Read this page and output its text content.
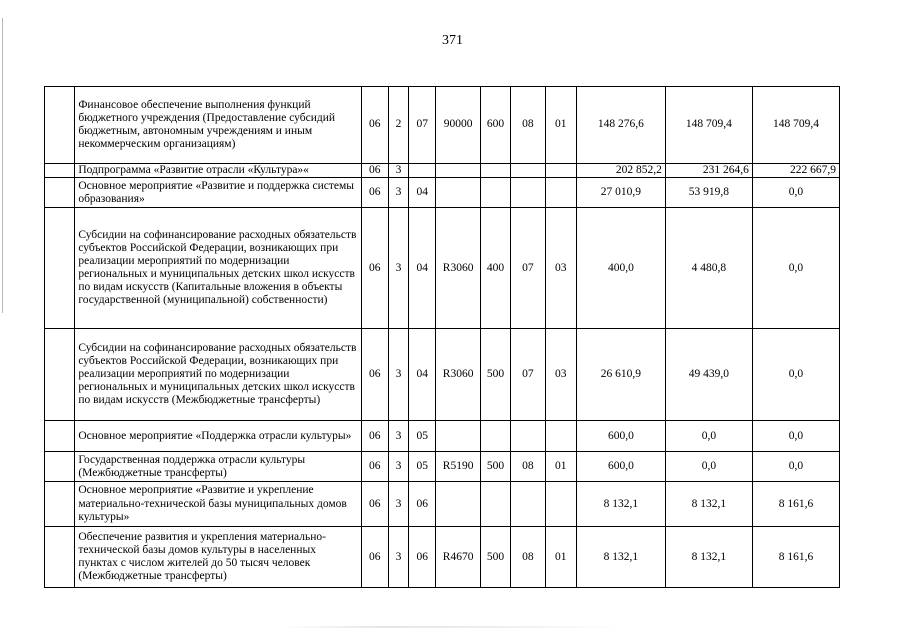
371
	Финансовое обеспечение выполнения функций бюджетного учреждения (Предоставление субсидий бюджетным, автономным учреждениям и иным некоммерческим организациям)	06	2	07	90000	600	08	01	148 276,6	148 709,4	148 709,4
	Подпрограмма «Развитие отрасли «Культура»«	06	3						202 852,2	231 264,6	222 667,9
	Основное мероприятие «Развитие и поддержка системы образования»	06	3	04					27 010,9	53 919,8	0,0
	Субсидии на софинансирование расходных обязательств субъектов Российской Федерации, возникающих при реализации мероприятий по модернизации региональных и муниципальных детских школ искусств по видам искусств (Капитальные вложения в объекты государственной (муниципальной) собственности)	06	3	04	R3060	400	07	03	400,0	4 480,8	0,0
	Субсидии на софинансирование расходных обязательств субъектов Российской Федерации, возникающих при реализации мероприятий по модернизации региональных и муниципальных детских школ искусств по видам искусств (Межбюджетные трансферты)	06	3	04	R3060	500	07	03	26 610,9	49 439,0	0,0
	Основное мероприятие «Поддержка отрасли культуры»	06	3	05					600,0	0,0	0,0
	Государственная поддержка отрасли культуры (Межбюджетные трансферты)	06	3	05	R5190	500	08	01	600,0	0,0	0,0
	Основное мероприятие «Развитие и укрепление материально-технической базы муниципальных домов культуры»	06	3	06					8 132,1	8 132,1	8 161,6
	Обеспечение развития и укрепления материально-технической базы домов культуры в населенных пунктах с числом жителей до 50 тысяч человек (Межбюджетные трансферты)	06	3	06	R4670	500	08	01	8 132,1	8 132,1	8 161,6
